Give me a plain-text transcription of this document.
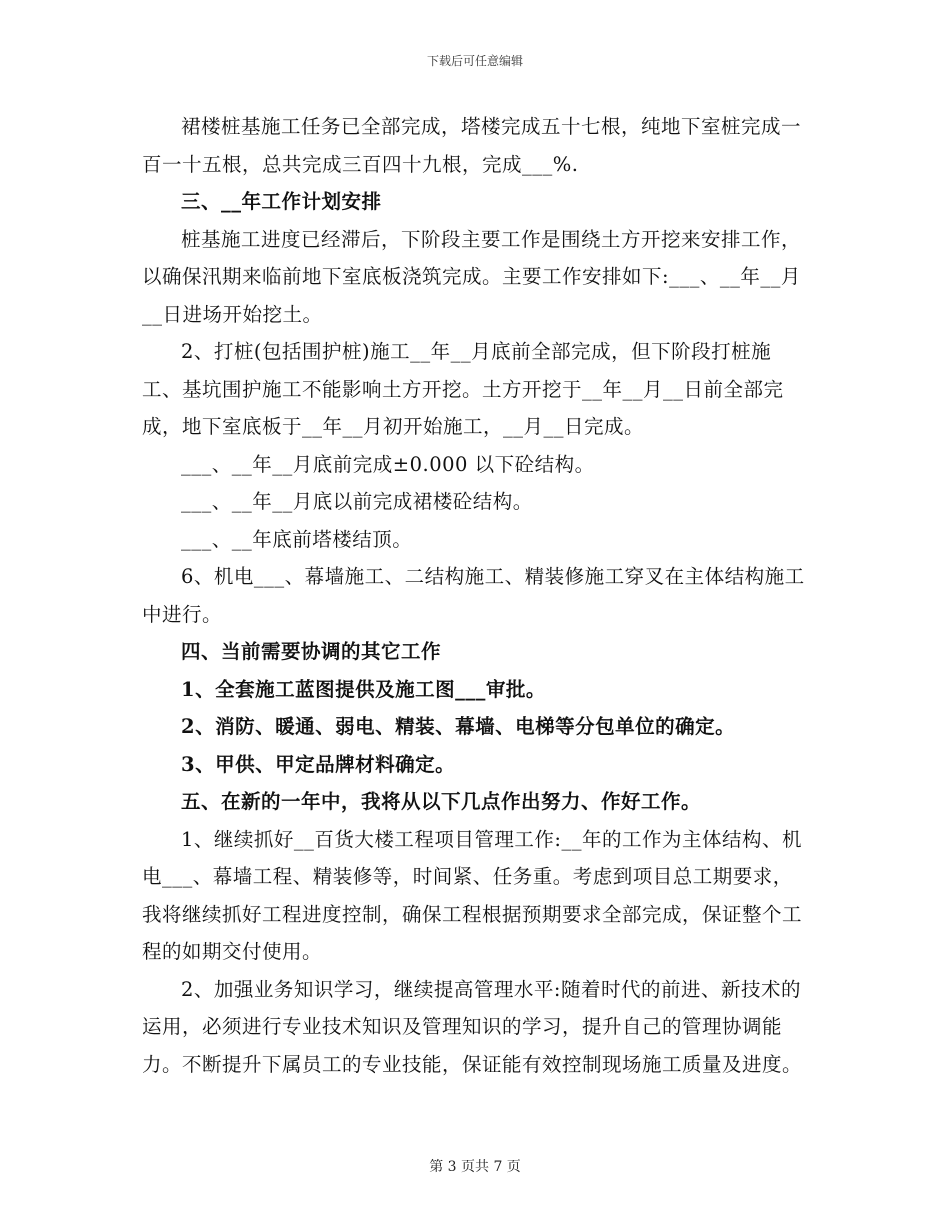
下载后可任意编辑

裙楼桩基施工任务已全部完成，塔楼完成五十七根，纯地下室桩完成一百一十五根，总共完成三百四十九根，完成___%.

三、__年工作计划安排

桩基施工进度已经滞后，下阶段主要工作是围绕土方开挖来安排工作，以确保汛期来临前地下室底板浇筑完成。主要工作安排如下:___、__年__月__日进场开始挖土。

2、打桩(包括围护桩)施工__年__月底前全部完成，但下阶段打桩施工、基坑围护施工不能影响土方开挖。土方开挖于__年__月__日前全部完成，地下室底板于__年__月初开始施工，__月__日完成。

___、__年__月底前完成±0.000 以下砼结构。

___、__年__月底以前完成裙楼砼结构。

___、__年底前塔楼结顶。

6、机电___、幕墙施工、二结构施工、精装修施工穿叉在主体结构施工中进行。

四、当前需要协调的其它工作

1、全套施工蓝图提供及施工图___审批。

2、消防、暖通、弱电、精装、幕墙、电梯等分包单位的确定。

3、甲供、甲定品牌材料确定。

五、在新的一年中，我将从以下几点作出努力、作好工作。

1、继续抓好__百货大楼工程项目管理工作:__年的工作为主体结构、机电___、幕墙工程、精装修等，时间紧、任务重。考虑到项目总工期要求，我将继续抓好工程进度控制，确保工程根据预期要求全部完成，保证整个工程的如期交付使用。

2、加强业务知识学习，继续提高管理水平:随着时代的前进、新技术的运用，必须进行专业技术知识及管理知识的学习，提升自己的管理协调能力。不断提升下属员工的专业技能，保证能有效控制现场施工质量及进度。

第 3 页共 7 页
